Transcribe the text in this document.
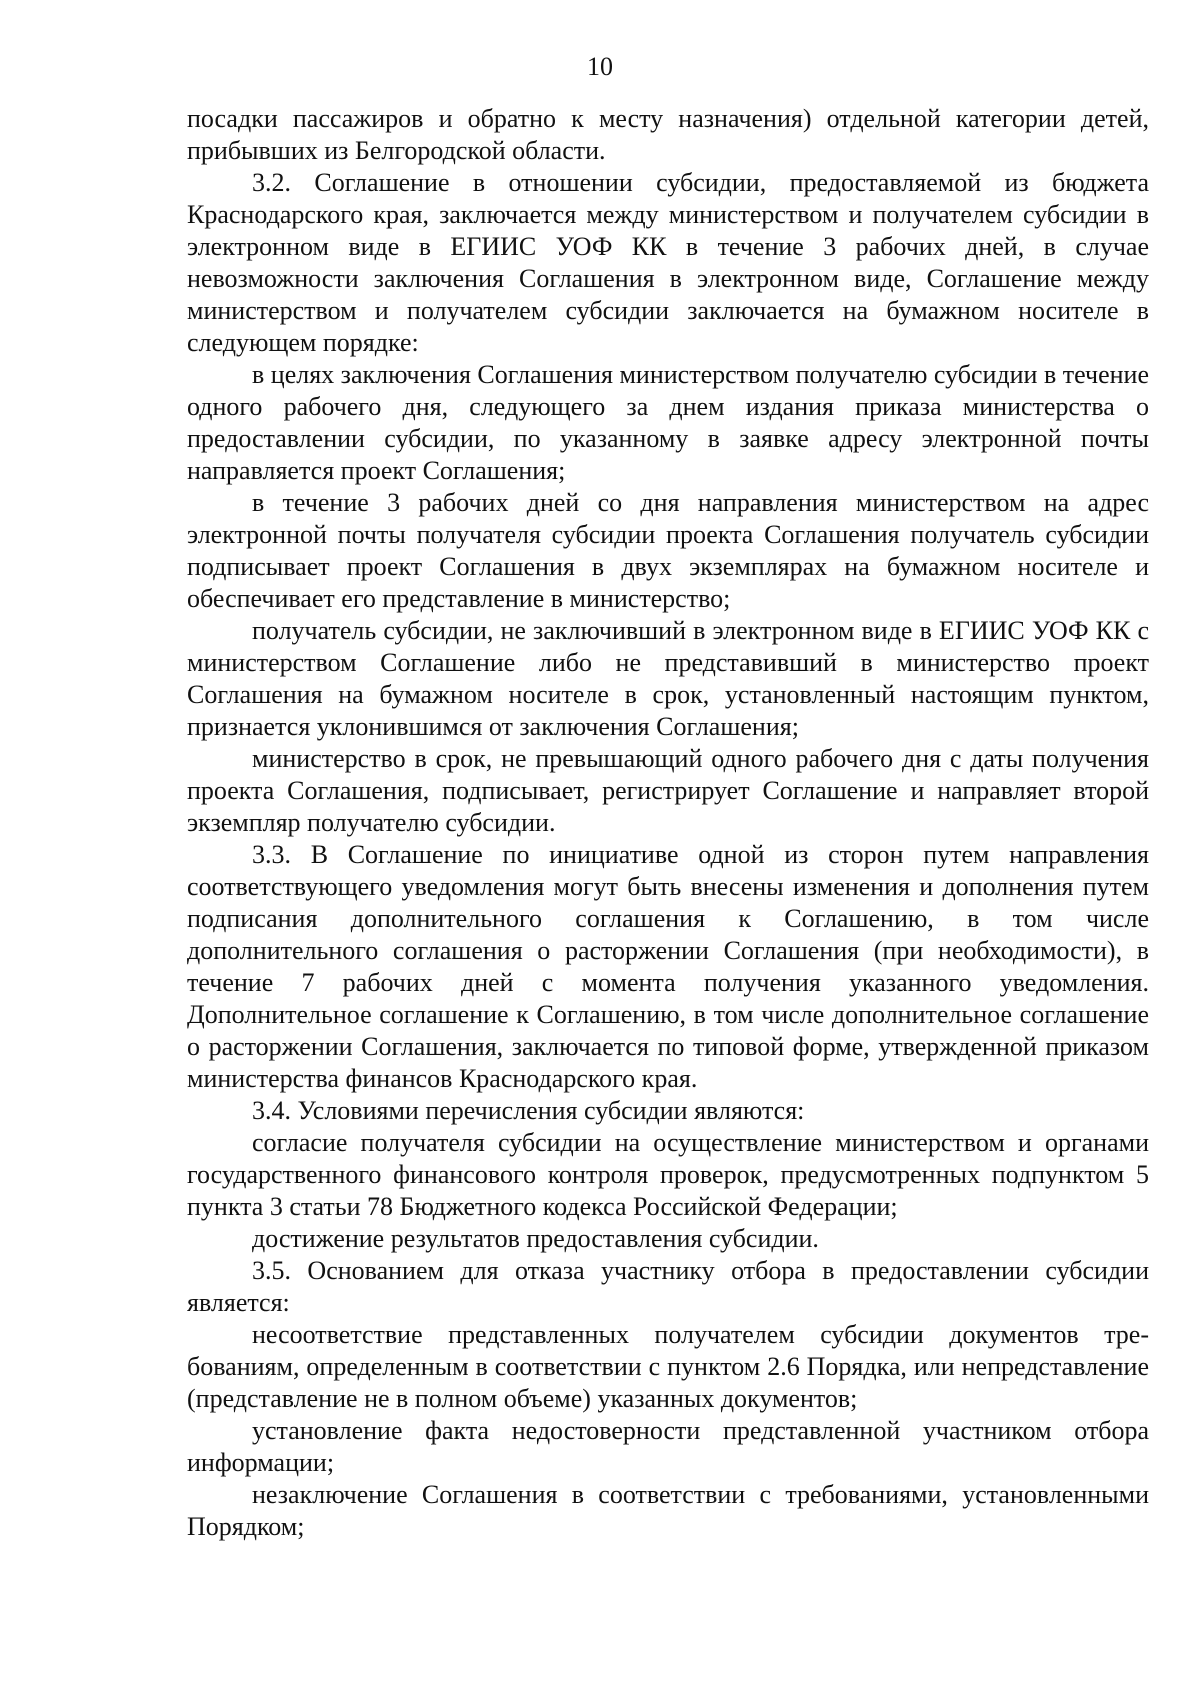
10

посадки пассажиров и обратно к месту назначения) отдельной категории детей, прибывших из Белгородской области.

3.2. Соглашение в отношении субсидии, предоставляемой из бюджета Краснодарского края, заключается между министерством и получателем субсидии в электронном виде в ЕГИИС УОФ КК в течение 3 рабочих дней, в случае невозможности заключения Соглашения в электронном виде, Соглашение между министерством и получателем субсидии заключается на бумажном носителе в следующем порядке:

в целях заключения Соглашения министерством получателю субсидии в течение одного рабочего дня, следующего за днем издания приказа министерства о предоставлении субсидии, по указанному в заявке адресу электронной почты направляется проект Соглашения;

в течение 3 рабочих дней со дня направления министерством на адрес электронной почты получателя субсидии проекта Соглашения получатель субсидии подписывает проект Соглашения в двух экземплярах на бумажном носителе и обеспечивает его представление в министерство;

получатель субсидии, не заключивший в электронном виде в ЕГИИС УОФ КК с министерством Соглашение либо не представивший в министерство проект Соглашения на бумажном носителе в срок, установленный настоящим пунктом, признается уклонившимся от заключения Соглашения;

министерство в срок, не превышающий одного рабочего дня с даты получения проекта Соглашения, подписывает, регистрирует Соглашение и направляет второй экземпляр получателю субсидии.

3.3. В Соглашение по инициативе одной из сторон путем направления соответствующего уведомления могут быть внесены изменения и дополнения путем подписания дополнительного соглашения к Соглашению, в том числе дополнительного соглашения о расторжении Соглашения (при необходимости), в течение 7 рабочих дней с момента получения указанного уведомления. Дополнительное соглашение к Соглашению, в том числе дополнительное соглашение о расторжении Соглашения, заключается по типовой форме, утвержденной приказом министерства финансов Краснодарского края.

3.4. Условиями перечисления субсидии являются:

согласие получателя субсидии на осуществление министерством и органами государственного финансового контроля проверок, предусмотренных подпунктом 5 пункта 3 статьи 78 Бюджетного кодекса Российской Федерации;

достижение результатов предоставления субсидии.

3.5. Основанием для отказа участнику отбора в предоставлении субсидии является:

несоответствие представленных получателем субсидии документов требованиям, определенным в соответствии с пунктом 2.6 Порядка, или непредставление (представление не в полном объеме) указанных документов;

установление факта недостоверности представленной участником отбора информации;

незаключение Соглашения в соответствии с требованиями, установленными Порядком;
